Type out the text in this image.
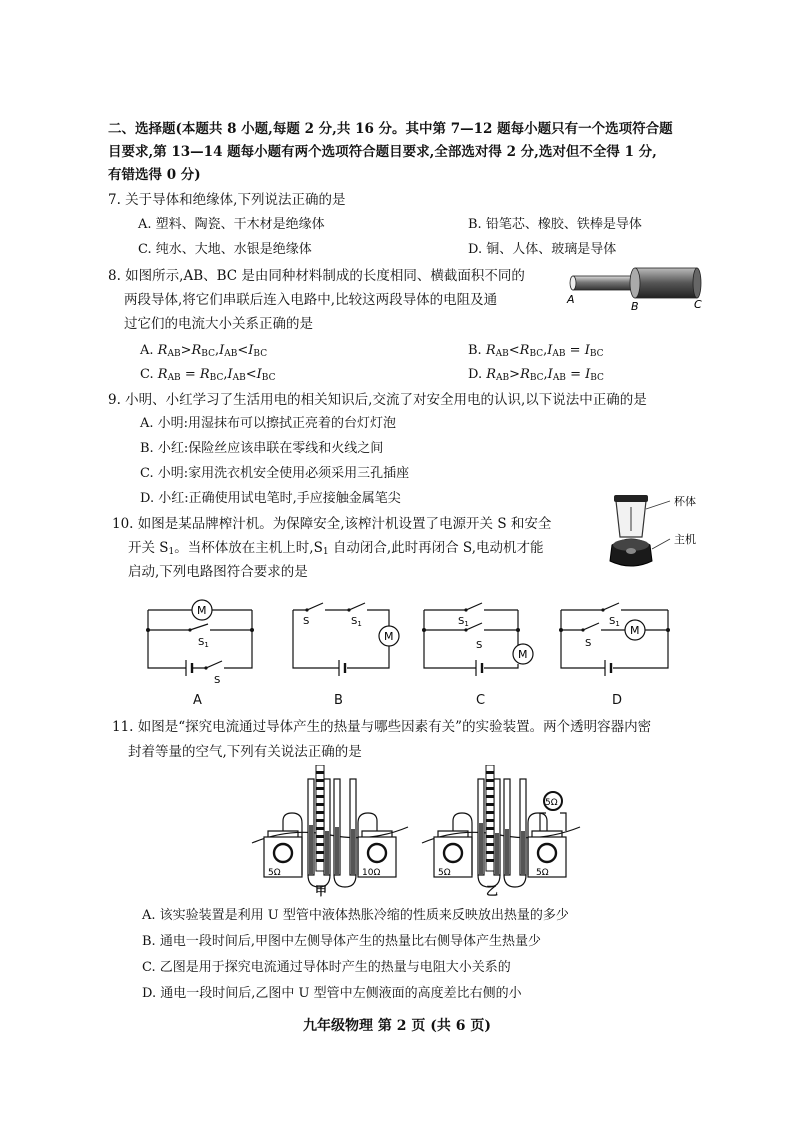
二、选择题(本题共 8 小题,每题 2 分,共 16 分。其中第 7—12 题每小题只有一个选项符合题
目要求,第 13—14 题每小题有两个选项符合题目要求,全部选对得 2 分,选对但不全得 1 分,
有错选得 0 分)
7. 关于导体和绝缘体,下列说法正确的是
A. 塑料、陶瓷、干木材是绝缘体	B. 铅笔芯、橡胶、铁棒是导体
C. 纯水、大地、水银是绝缘体	D. 铜、人体、玻璃是导体
8. 如图所示,AB、BC 是由同种材料制成的长度相同、横截面积不同的
两段导体,将它们串联后连入电路中,比较这两段导体的电阻及通
过它们的电流大小关系正确的是
A
B	C
A. $R_{AB}>R_{BC},I_{AB}<I_{BC}$	B. $R_{AB}<R_{BC},I_{AB} = I_{BC}$
C. $R_{AB} = R_{BC},I_{AB}<I_{BC}$	D. $R_{AB}>R_{BC},I_{AB} = I_{BC}$
9. 小明、小红学习了生活用电的相关知识后,交流了对安全用电的认识,以下说法中正确的是
A. 小明:用湿抹布可以擦拭正亮着的台灯灯泡
B. 小红:保险丝应该串联在零线和火线之间
C. 小明:家用洗衣机安全使用必须采用三孔插座
D. 小红:正确使用试电笔时,手应接触金属笔尖
10. 如图是某品牌榨汁机。为保障安全,该榨汁机设置了电源开关 S 和安全
开关 $S_1$。当杯体放在主机上时$,S_1$ 自动闭合,此时再闭合 S,电动机才能
启动,下列电路图符合要求的是
杯体
主机
M
$S_1$
S
A
M
S	$S_1$
B
M
$S_1$
S
C
M
$S_1$
S
D
11. 如图是“探究电流通过导体产生的热量与哪些因素有关”的实验装置。两个透明容器内密
封着等量的空气,下列有关说法正确的是
5Ω	10Ω
甲
5Ω
5Ω	5Ω
乙
A. 该实验装置是利用 U 型管中液体热胀冷缩的性质来反映放出热量的多少
B. 通电一段时间后,甲图中左侧导体产生的热量比右侧导体产生热量少
C. 乙图是用于探究电流通过导体时产生的热量与电阻大小关系的
D. 通电一段时间后,乙图中 U 型管中左侧液面的高度差比右侧的小
九年级物理 第 2 页 (共 6 页)
